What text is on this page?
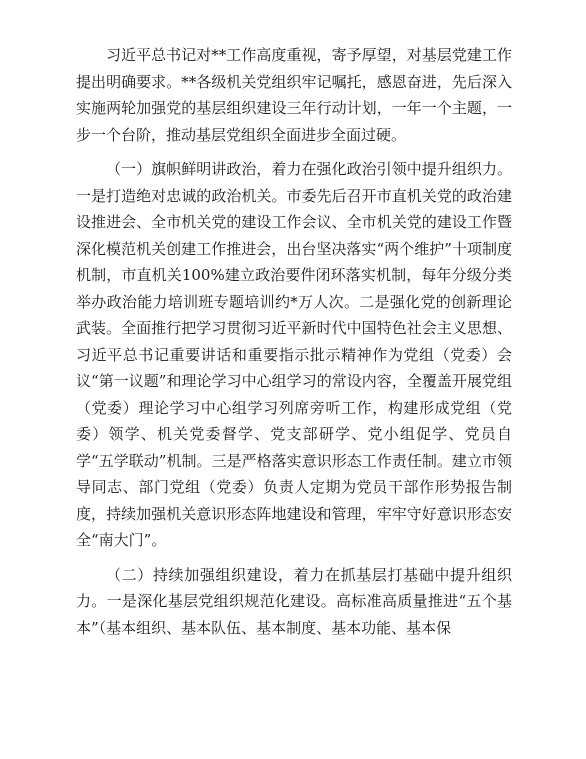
习近平总书记对**工作高度重视，寄予厚望，对基层党建工作提出明确要求。**各级机关党组织牢记嘱托，感恩奋进，先后深入实施两轮加强党的基层组织建设三年行动计划，一年一个主题，一步一个台阶，推动基层党组织全面进步全面过硬。

（一）旗帜鲜明讲政治，着力在强化政治引领中提升组织力。一是打造绝对忠诚的政治机关。市委先后召开市直机关党的政治建设推进会、全市机关党的建设工作会议、全市机关党的建设工作暨深化模范机关创建工作推进会，出台坚决落实“两个维护”十项制度机制，市直机关100%建立政治要件闭环落实机制，每年分级分类举办政治能力培训班专题培训约*万人次。二是强化党的创新理论武装。全面推行把学习贯彻习近平新时代中国特色社会主义思想、习近平总书记重要讲话和重要指示批示精神作为党组（党委）会议“第一议题”和理论学习中心组学习的常设内容，全覆盖开展党组（党委）理论学习中心组学习列席旁听工作，构建形成党组（党委）领学、机关党委督学、党支部研学、党小组促学、党员自学“五学联动”机制。三是严格落实意识形态工作责任制。建立市领导同志、部门党组（党委）负责人定期为党员干部作形势报告制度，持续加强机关意识形态阵地建设和管理，牢牢守好意识形态安全“南大门”。

（二）持续加强组织建设，着力在抓基层打基础中提升组织力。一是深化基层党组织规范化建设。高标准高质量推进“五个基本”（基本组织、基本队伍、基本制度、基本功能、基本保
